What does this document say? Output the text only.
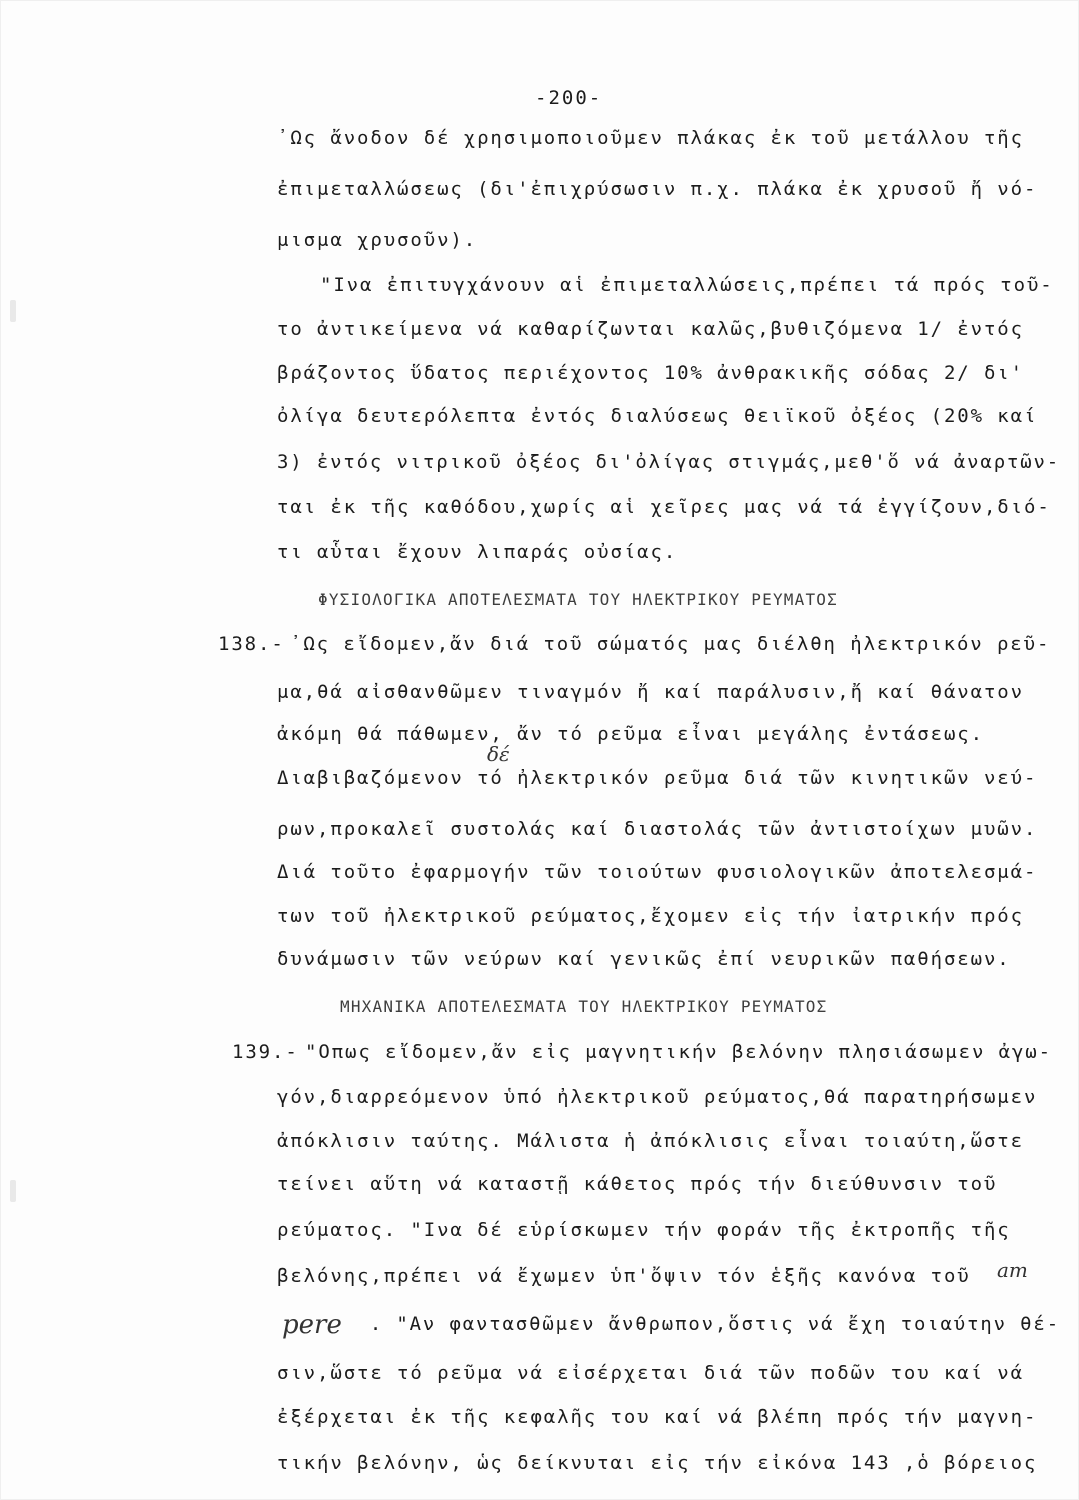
-200-
᾿Ως ἄνοδον δέ χρησιμοποιοῦμεν πλάκας ἐκ τοῦ μετάλλου τῆς
ἐπιμεταλλώσεως (δι'ἐπιχρύσωσιν π.χ. πλάκα ἐκ χρυσοῦ ἤ νό-
μισμα χρυσοῦν).
"Ινα ἐπιτυγχάνουν αἱ ἐπιμεταλλώσεις,πρέπει τά πρός τοῦ-
το ἀντικείμενα νά καθαρίζωνται καλῶς,βυθιζόμενα 1/ ἐντός
βράζοντος ὕδατος περιέχοντος 10% ἀνθρακικῆς σόδας 2/ δι'
ὀλίγα δευτερόλεπτα ἐντός διαλύσεως θειϊκοῦ ὀξέος (20% καί
3) ἐντός νιτρικοῦ ὀξέος δι'ὀλίγας στιγμάς,μεθ'ὅ νά ἀναρτῶν-
ται ἐκ τῆς καθόδου,χωρίς αἱ χεῖρες μας νά τά ἐγγίζουν,διό-
τι αὗται ἔχουν λιπαράς οὐσίας.
ΦΥΣΙΟΛΟΓΙΚΑ ΑΠΟΤΕΛΕΣΜΑΤΑ ΤΟΥ ΗΛΕΚΤΡΙΚΟΥ ΡΕΥΜΑΤΟΣ
138.- ᾿Ως εἴδομεν,ἄν διά τοῦ σώματός μας διέλθη ἠλεκτρικόν ρεῦ-
μα,θά αἰσθανθῶμεν τιναγμόν ἤ καί παράλυσιν,ἤ καί θάνατον
ἀκόμη θά πάθωμεν, ἄν τό ρεῦμα εἶναι μεγάλης ἐντάσεως.
δέ
Διαβιβαζόμενον τό ἠλεκτρικόν ρεῦμα διά τῶν κινητικῶν νεύ-
ρων,προκαλεῖ συστολάς καί διαστολάς τῶν ἀντιστοίχων μυῶν.
Διά τοῦτο ἐφαρμογήν τῶν τοιούτων φυσιολογικῶν ἀποτελεσμά-
των τοῦ ἠλεκτρικοῦ ρεύματος,ἔχομεν εἰς τήν ἰατρικήν πρός
δυνάμωσιν τῶν νεύρων καί γενικῶς ἐπί νευρικῶν παθήσεων.
ΜΗΧΑΝΙΚΑ ΑΠΟΤΕΛΕΣΜΑΤΑ ΤΟΥ ΗΛΕΚΤΡΙΚΟΥ ΡΕΥΜΑΤΟΣ
139.- "Οπως εἴδομεν,ἄν εἰς μαγνητικήν βελόνην πλησιάσωμεν ἀγω-
γόν,διαρρεόμενον ὑπό ἠλεκτρικοῦ ρεύματος,θά παρατηρήσωμεν
ἀπόκλισιν ταύτης. Μάλιστα ἡ ἀπόκλισις εἶναι τοιαύτη,ὥστε
τείνει αὕτη νά καταστῇ κάθετος πρός τήν διεύθυνσιν τοῦ
ρεύματος. "Ινα δέ εὑρίσκωμεν τήν φοράν τῆς ἐκτροπῆς τῆς
βελόνης,πρέπει νά ἔχωμεν ὑπ'ὄψιν τόν ἑξῆς κανόνα τοῦ am
pere
. "Αν φαντασθῶμεν ἄνθρωπον,ὅστις νά ἔχη τοιαύτην θέ-
σιν,ὥστε τό ρεῦμα νά εἰσέρχεται διά τῶν ποδῶν του καί νά
ἐξέρχεται ἐκ τῆς κεφαλῆς του καί νά βλέπη πρός τήν μαγνη-
τικήν βελόνην, ὡς δείκνυται εἰς τήν εἰκόνα 143 ,ὁ βόρειος
